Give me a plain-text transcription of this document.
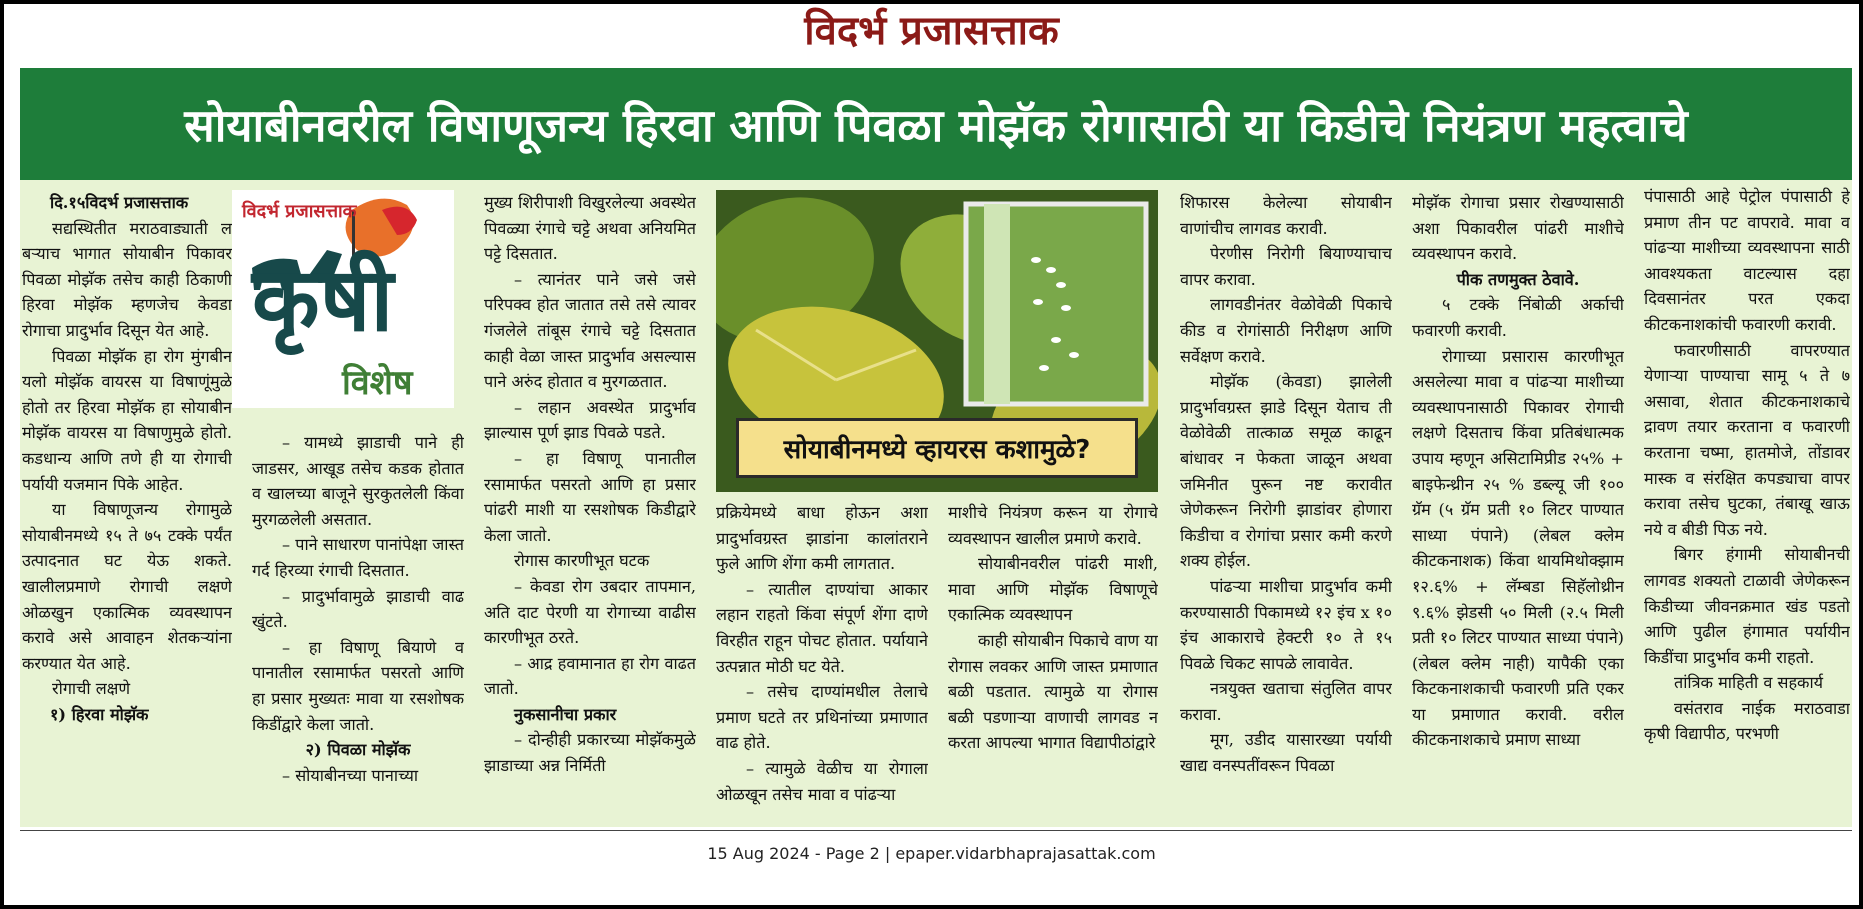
विदर्भ प्रजासत्ताक
सोयाबीनवरील विषाणूजन्य हिरवा आणि पिवळा मोझॅक रोगासाठी या किडीचे नियंत्रण महत्वाचे
विदर्भ प्रजासत्ताक
कृषी
विशेष
सोयाबीनमध्ये व्हायरस कशामुळे?

दि.१५विदर्भ प्रजासत्ताक

सद्यस्थितीत मराठवाड्याती ल बऱ्याच भागात सोयाबीन पिकावर पिवळा मोझॅक तसेच काही ठिकाणी हिरवा मोझॅक म्हणजेच केवडा रोगाचा प्रादुर्भाव दिसून येत आहे.

पिवळा मोझॅक हा रोग मुंगबीन यलो मोझॅक वायरस या विषाणूंमुळे होतो तर हिरवा मोझॅक हा सोयाबीन मोझॅक वायरस या विषाणुमुळे होतो. कडधान्य आणि तणे ही या रोगाची पर्यायी यजमान पिके आहेत.

या विषाणूजन्य रोगामुळे सोयाबीनमध्ये १५ ते ७५ टक्के पर्यंत उत्पादनात घट येऊ शकते. खालीलप्रमाणे रोगाची लक्षणे ओळखुन एकात्मिक व्यवस्थापन करावे असे आवाहन शेतकऱ्यांना करण्यात येत आहे.

रोगाची लक्षणे

१) हिरवा मोझॅक

– यामध्ये झाडाची पाने ही जाडसर, आखूड तसेच कडक होतात व खालच्या बाजूने सुरकुतलेली किंवा मुरगळलेली असतात.

– पाने साधारण पानांपेक्षा जास्त गर्द हिरव्या रंगाची दिसतात.

– प्रादुर्भावामुळे झाडाची वाढ खुंटते.

– हा विषाणू बियाणे व पानातील रसामार्फत पसरतो आणि हा प्रसार मुख्यतः मावा या रसशोषक किडींद्वारे केला जातो.

२) पिवळा मोझॅक

– सोयाबीनच्या पानाच्या

मुख्य शिरीपाशी विखुरलेल्या अवस्थेत पिवळ्या रंगाचे चट्टे अथवा अनियमित पट्टे दिसतात.

– त्यानंतर पाने जसे जसे परिपक्व होत जातात तसे तसे त्यावर गंजलेले तांबूस रंगाचे चट्टे दिसतात काही वेळा जास्त प्रादुर्भाव असल्यास पाने अरुंद होतात व मुरगळतात.

– लहान अवस्थेत प्रादुर्भाव झाल्यास पूर्ण झाड पिवळे पडते.

– हा विषाणू पानातील रसामार्फत पसरतो आणि हा प्रसार पांढरी माशी या रसशोषक किडीद्वारे केला जातो.

रोगास कारणीभूत घटक

– केवडा रोग उबदार तापमान, अति दाट पेरणी या रोगाच्या वाढीस कारणीभूत ठरते.

– आद्र हवामानात हा रोग वाढत जातो.

नुकसानीचा प्रकार

– दोन्हीही प्रकारच्या मोझॅकमुळे झाडाच्या अन्न निर्मिती

प्रक्रियेमध्ये बाधा होऊन अशा प्रादुर्भावग्रस्त झाडांना कालांतराने फुले आणि शेंगा कमी लागतात.

– त्यातील दाण्यांचा आकार लहान राहतो किंवा संपूर्ण शेंगा दाणे विरहीत राहून पोचट होतात. पर्यायाने उत्पन्नात मोठी घट येते.

– तसेच दाण्यांमधील तेलाचे प्रमाण घटते तर प्रथिनांच्या प्रमाणात वाढ होते.

– त्यामुळे वेळीच या रोगाला ओळखून तसेच मावा व पांढऱ्या

माशीचे नियंत्रण करून या रोगाचे व्यवस्थापन खालील प्रमाणे करावे.

सोयाबीनवरील पांढरी माशी, मावा आणि मोझॅक विषाणूचे एकात्मिक व्यवस्थापन

काही सोयाबीन पिकाचे वाण या रोगास लवकर आणि जास्त प्रमाणात बळी पडतात. त्यामुळे या रोगास बळी पडणाऱ्या वाणाची लागवड न करता आपल्या भागात विद्यापीठांद्वारे

शिफारस केलेल्या सोयाबीन वाणांचीच लागवड करावी.

पेरणीस निरोगी बियाण्याचाच वापर करावा.

लागवडीनंतर वेळोवेळी पिकाचे कीड व रोगांसाठी निरीक्षण आणि सर्वेक्षण करावे.

मोझॅक (केवडा) झालेली प्रादुर्भावग्रस्त झाडे दिसून येताच ती वेळोवेळी तात्काळ समूळ काढून बांधावर न फेकता जाळून अथवा जमिनीत पुरून नष्ट करावीत जेणेकरून निरोगी झाडांवर होणारा किडीचा व रोगांचा प्रसार कमी करणे शक्य होईल.

पांढऱ्या माशीचा प्रादुर्भाव कमी करण्यासाठी पिकामध्ये १२ इंच x १० इंच आकाराचे हेक्टरी १० ते १५ पिवळे चिकट सापळे लावावेत.

नत्रयुक्त खताचा संतुलित वापर करावा.

मूग, उडीद यासारख्या पर्यायी खाद्य वनस्पतींवरून पिवळा

मोझॅक रोगाचा प्रसार रोखण्यासाठी अशा पिकावरील पांढरी माशीचे व्यवस्थापन करावे.

पीक तणमुक्त ठेवावे.

५ टक्के निंबोळी अर्काची फवारणी करावी.

रोगाच्या प्रसारास कारणीभूत असलेल्या मावा व पांढऱ्या माशीच्या व्यवस्थापनासाठी पिकावर रोगाची लक्षणे दिसताच किंवा प्रतिबंधात्मक उपाय म्हणून असिटामिप्रीड २५% + बाइफेन्थ्रीन २५ % डब्ल्यू जी १०० ग्रॅम (५ ग्रॅम प्रती १० लिटर पाण्यात साध्या पंपाने) (लेबल क्लेम कीटकनाशक) किंवा थायमिथोक्झाम १२.६% + लॅम्बडा सिहॅलोथ्रीन ९.६% झेडसी ५० मिली (२.५ मिली प्रती १० लिटर पाण्यात साध्या पंपाने) (लेबल क्लेम नाही) यापैकी एका किटकनाशकाची फवारणी प्रति एकर या प्रमाणात करावी. वरील कीटकनाशकाचे प्रमाण साध्या

पंपासाठी आहे पेट्रोल पंपासाठी हे प्रमाण तीन पट वापरावे. मावा व पांढऱ्या माशीच्या व्यवस्थापना साठी आवश्यकता वाटल्यास दहा दिवसानंतर परत एकदा कीटकनाशकांची फवारणी करावी.

फवारणीसाठी वापरण्यात येणाऱ्या पाण्याचा सामू ५ ते ७ असावा, शेतात कीटकनाशकाचे द्रावण तयार करताना व फवारणी करताना चष्मा, हातमोजे, तोंडावर मास्क व संरक्षित कपड्याचा वापर करावा तसेच घुटका, तंबाखू खाऊ नये व बीडी पिऊ नये.

बिगर हंगामी सोयाबीनची लागवड शक्यतो टाळावी जेणेकरून किडीच्या जीवनक्रमात खंड पडतो आणि पुढील हंगामात पर्यायीन किडींचा प्रादुर्भाव कमी राहतो.

तांत्रिक माहिती व सहकार्य

वसंतराव नाईक मराठवाडा कृषी विद्यापीठ, परभणी

15 Aug 2024 - Page 2 | epaper.vidarbhaprajasattak.com
